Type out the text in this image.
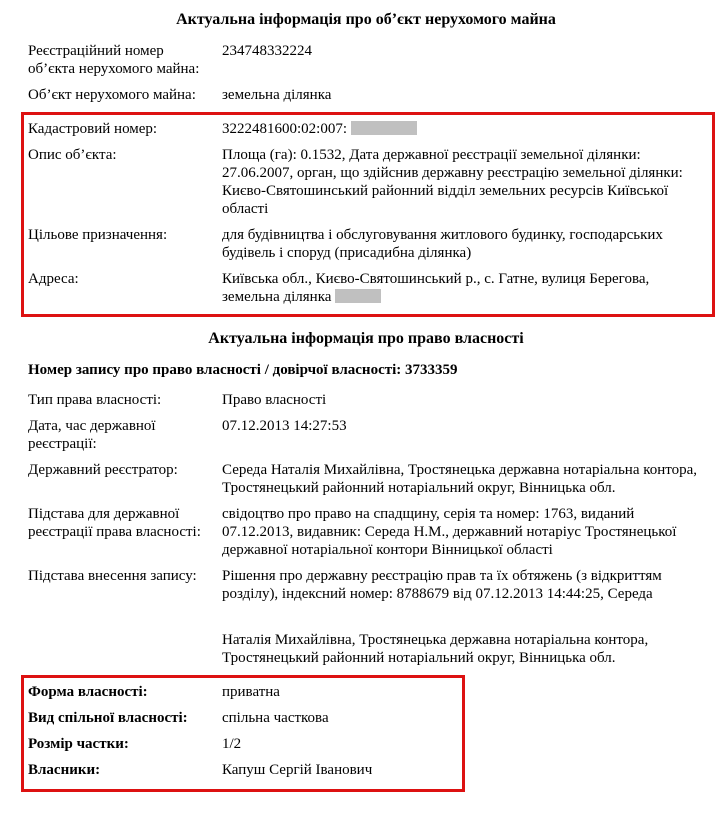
Актуальна інформація про об’єкт нерухомого майна
Реєстраційний номер об’єкта нерухомого майна:
234748332224
Об’єкт нерухомого майна:	земельна ділянка
Кадастровий номер:	3222481600:02:007:
Опис об’єкта:	Площа (га): 0.1532, Дата державної реєстрації земельної ділянки: 27.06.2007, орган, що здійснив державну реєстрацію земельної ділянки: Києво-Святошинський районний відділ земельних ресурсів Київської області
Цільове призначення:	для будівництва і обслуговування житлового будинку, господарських будівель і споруд (присадибна ділянка)
Адреса:	Київська обл., Києво-Святошинський р., с. Гатне, вулиця Берегова, земельна ділянка
Актуальна інформація про право власності
Номер запису про право власності / довірчої власності: 3733359
Тип права власності:	Право власності
Дата, час державної реєстрації:
07.12.2013 14:27:53
Державний реєстратор:	Середа Наталія Михайлівна, Тростянецька державна нотаріальна контора, Тростянецький районний нотаріальний округ, Вінницька обл.
Підстава для державної реєстрації права власності:
свідоцтво про право на спадщину, серія та номер: 1763, виданий 07.12.2013, видавник: Середа Н.М., державний нотаріус Тростянецької державної нотаріальної контори Вінницької області
Підстава внесення запису:	Рішення про державну реєстрацію прав та їх обтяжень (з відкриттям розділу), індексний номер: 8788679 від 07.12.2013 14:44:25, Середа

Наталія Михайлівна, Тростянецька державна нотаріальна контора, Тростянецький районний нотаріальний округ, Вінницька обл.

Форма власності:	приватна
Вид спільної власності:	спільна часткова
Розмір частки:	1/2
Власники:	Капуш Сергій Іванович
